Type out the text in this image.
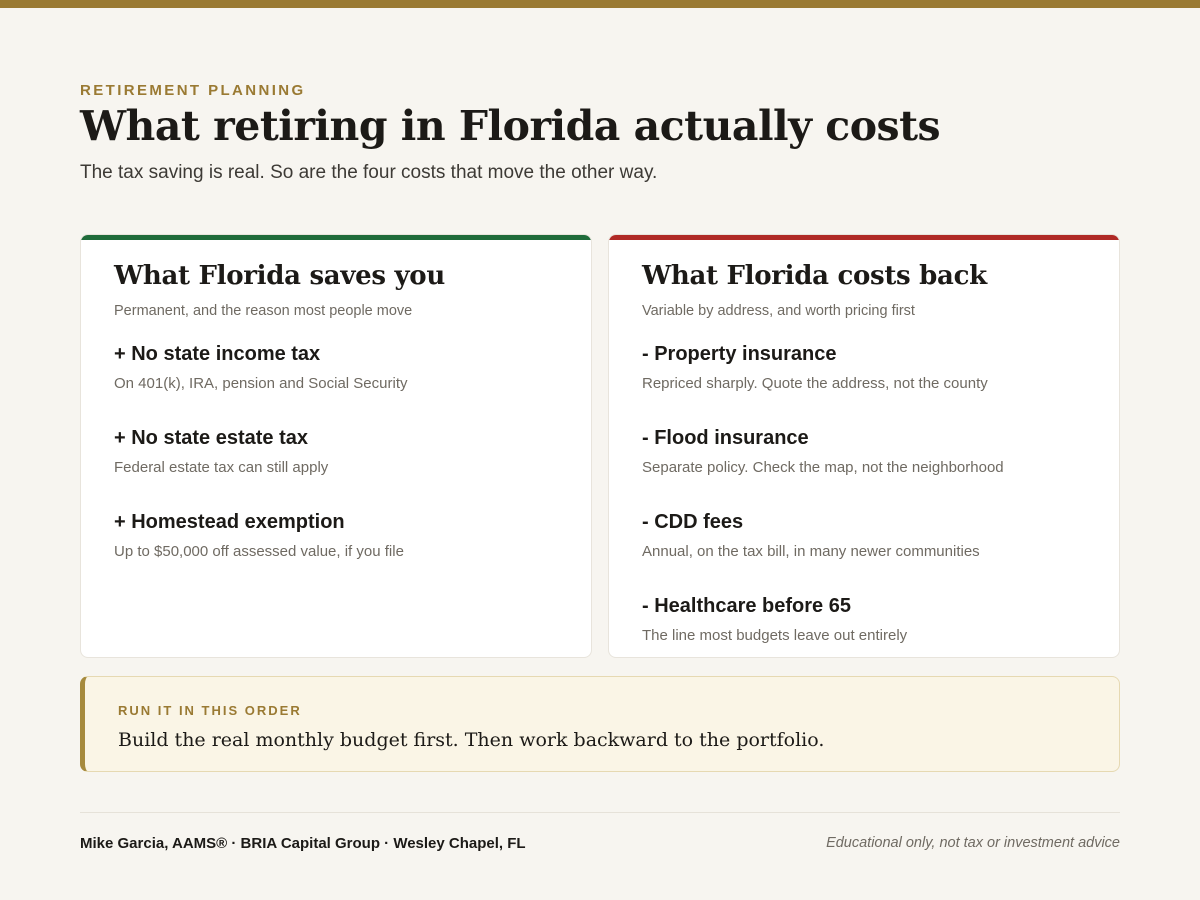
RETIREMENT PLANNING
What retiring in Florida actually costs
The tax saving is real. So are the four costs that move the other way.
What Florida saves you
Permanent, and the reason most people move
+ No state income tax
On 401(k), IRA, pension and Social Security
+ No state estate tax
Federal estate tax can still apply
+ Homestead exemption
Up to $50,000 off assessed value, if you file
What Florida costs back
Variable by address, and worth pricing first
- Property insurance
Repriced sharply. Quote the address, not the county
- Flood insurance
Separate policy. Check the map, not the neighborhood
- CDD fees
Annual, on the tax bill, in many newer communities
- Healthcare before 65
The line most budgets leave out entirely
RUN IT IN THIS ORDER
Build the real monthly budget first. Then work backward to the portfolio.
Mike Garcia, AAMS® · BRIA Capital Group · Wesley Chapel, FL	Educational only, not tax or investment advice
